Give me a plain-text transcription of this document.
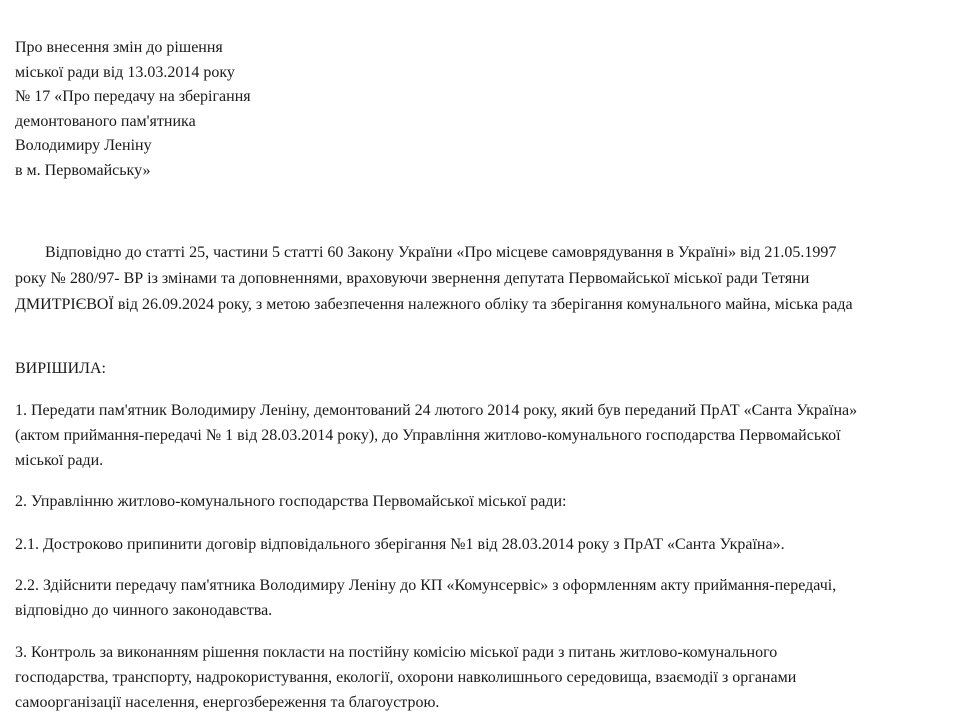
Про внесення змін до рішення
міської ради від 13.03.2014 року
№ 17 «Про передачу на зберігання
демонтованого пам'ятника
Володимиру Леніну
в м. Первомайську»
Відповідно до статті 25, частини 5 статті 60 Закону України «Про місцеве самоврядування в Україні» від 21.05.1997
року № 280/97- ВР із змінами та доповненнями, враховуючи звернення депутата Первомайської міської ради Тетяни
ДМИТРІЄВОЇ від 26.09.2024 року, з метою забезпечення належного обліку та зберігання комунального майна, міська рада
ВИРІШИЛА:
1. Передати пам'ятник Володимиру Леніну, демонтований 24 лютого 2014 року, який був переданий ПрАТ «Санта Україна»
(актом приймання-передачі № 1 від 28.03.2014 року), до Управління житлово-комунального господарства Первомайської
міської ради.
2. Управлінню житлово-комунального господарства Первомайської міської ради:
2.1. Достроково припинити договір відповідального зберігання №1 від 28.03.2014 року з ПрАТ «Санта Україна».
2.2. Здійснити передачу пам'ятника Володимиру Леніну до КП «Комунсервіс» з оформленням акту приймання-передачі,
відповідно до чинного законодавства.
3. Контроль за виконанням рішення покласти на постійну комісію міської ради з питань житлово-комунального
господарства, транспорту, надрокористування, екології, охорони навколишнього середовища, взаємодії з органами
самоорганізації населення, енергозбереження та благоустрою.
